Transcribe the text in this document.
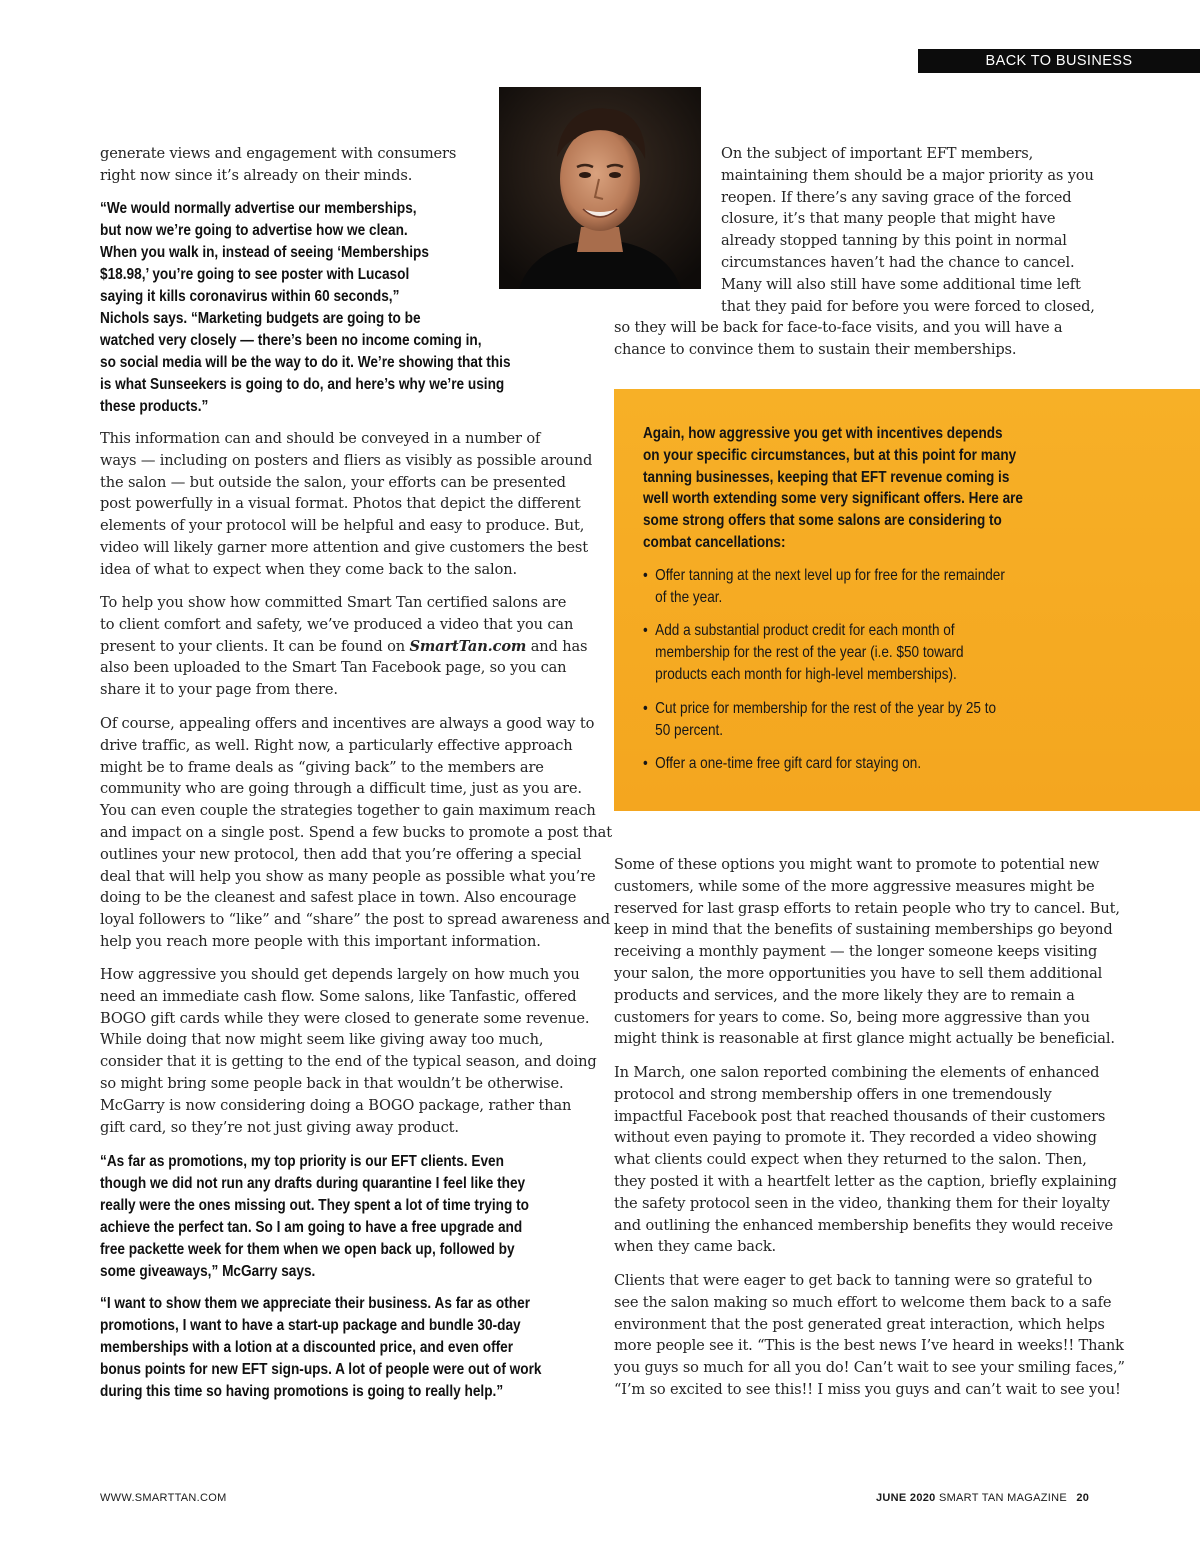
BACK TO BUSINESS
generate views and engagement with consumers
right now since it’s already on their minds.
“We would normally advertise our memberships,
but now we’re going to advertise how we clean.
When you walk in, instead of seeing ‘Memberships
$18.98,’ you’re going to see poster with Lucasol
saying it kills coronavirus within 60 seconds,”
Nichols says. “Marketing budgets are going to be
watched very closely — there’s been no income coming in,
so social media will be the way to do it. We’re showing that this
is what Sunseekers is going to do, and here’s why we’re using
these products.”
This information can and should be conveyed in a number of
ways — including on posters and fliers as visibly as possible around
the salon — but outside the salon, your efforts can be presented
post powerfully in a visual format. Photos that depict the different
elements of your protocol will be helpful and easy to produce. But,
video will likely garner more attention and give customers the best
idea of what to expect when they come back to the salon.
To help you show how committed Smart Tan certified salons are
to client comfort and safety, we’ve produced a video that you can
present to your clients. It can be found on SmartTan.com and has
also been uploaded to the Smart Tan Facebook page, so you can
share it to your page from there.
Of course, appealing offers and incentives are always a good way to
drive traffic, as well. Right now, a particularly effective approach
might be to frame deals as “giving back” to the members are
community who are going through a difficult time, just as you are.
You can even couple the strategies together to gain maximum reach
and impact on a single post. Spend a few bucks to promote a post that
outlines your new protocol, then add that you’re offering a special
deal that will help you show as many people as possible what you’re
doing to be the cleanest and safest place in town. Also encourage
loyal followers to “like” and “share” the post to spread awareness and
help you reach more people with this important information.
How aggressive you should get depends largely on how much you
need an immediate cash flow. Some salons, like Tanfastic, offered
BOGO gift cards while they were closed to generate some revenue.
While doing that now might seem like giving away too much,
consider that it is getting to the end of the typical season, and doing
so might bring some people back in that wouldn’t be otherwise.
McGarry is now considering doing a BOGO package, rather than
gift card, so they’re not just giving away product.
“As far as promotions, my top priority is our EFT clients. Even
though we did not run any drafts during quarantine I feel like they
really were the ones missing out. They spent a lot of time trying to
achieve the perfect tan. So I am going to have a free upgrade and
free packette week for them when we open back up, followed by
some giveaways,” McGarry says.
“I want to show them we appreciate their business. As far as other
promotions, I want to have a start-up package and bundle 30-day
memberships with a lotion at a discounted price, and even offer
bonus points for new EFT sign-ups. A lot of people were out of work
during this time so having promotions is going to really help.”
On the subject of important EFT members,
maintaining them should be a major priority as you
reopen. If there’s any saving grace of the forced
closure, it’s that many people that might have
already stopped tanning by this point in normal
circumstances haven’t had the chance to cancel.
Many will also still have some additional time left
that they paid for before you were forced to closed,
so they will be back for face-to-face visits, and you will have a
chance to convince them to sustain their memberships.
Again, how aggressive you get with incentives depends
on your specific circumstances, but at this point for many
tanning businesses, keeping that EFT revenue coming is
well worth extending some very significant offers. Here are
some strong offers that some salons are considering to
combat cancellations:
• Offer tanning at the next level up for free for the remainder
of the year.
• Add a substantial product credit for each month of
membership for the rest of the year (i.e. $50 toward
products each month for high-level memberships).
• Cut price for membership for the rest of the year by 25 to
50 percent.
• Offer a one-time free gift card for staying on.
Some of these options you might want to promote to potential new
customers, while some of the more aggressive measures might be
reserved for last grasp efforts to retain people who try to cancel. But,
keep in mind that the benefits of sustaining memberships go beyond
receiving a monthly payment — the longer someone keeps visiting
your salon, the more opportunities you have to sell them additional
products and services, and the more likely they are to remain a
customers for years to come. So, being more aggressive than you
might think is reasonable at first glance might actually be beneficial.
In March, one salon reported combining the elements of enhanced
protocol and strong membership offers in one tremendously
impactful Facebook post that reached thousands of their customers
without even paying to promote it. They recorded a video showing
what clients could expect when they returned to the salon. Then,
they posted it with a heartfelt letter as the caption, briefly explaining
the safety protocol seen in the video, thanking them for their loyalty
and outlining the enhanced membership benefits they would receive
when they came back.
Clients that were eager to get back to tanning were so grateful to
see the salon making so much effort to welcome them back to a safe
environment that the post generated great interaction, which helps
more people see it. “This is the best news I’ve heard in weeks!! Thank
you guys so much for all you do! Can’t wait to see your smiling faces,”
“I’m so excited to see this!! I miss you guys and can’t wait to see you!
WWW.SMARTTAN.COM	JUNE 2020 SMART TAN MAGAZINE 20
